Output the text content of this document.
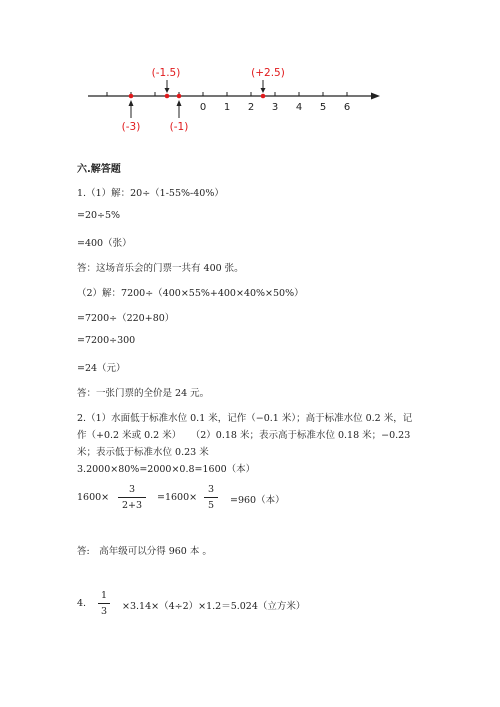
0 1 2 3 4 5 6
(-1.5)	(+2.5)
(-3)	(-1)
六.解答题
1.（1）解：20÷（1-55%-40%）
=20÷5%
=400（张）
答：这场音乐会的门票一共有 400 张。
（2）解：7200÷（400×55%+400×40%×50%）
=7200÷（220+80）
=7200÷300
=24（元）
答：一张门票的全价是 24 元。
2.（1）水面低于标准水位 0.1 米，记作（−0.1 米）；高于标准水位 0.2 米，记
作（+0.2 米或 0.2 米）　　（2）0.18 米；表示高于标准水位 0.18 米；−0.23
米；表示低于标准水位 0.23 米
3.2000×80%=2000×0.8=1600（本）
1600×
3
2+3
=1600×
3
5	=960（本）
答:　高年级可以分得 960 本 。
4.
1
3	×3.14×（4÷2）×1.2＝5.024（立方米）
